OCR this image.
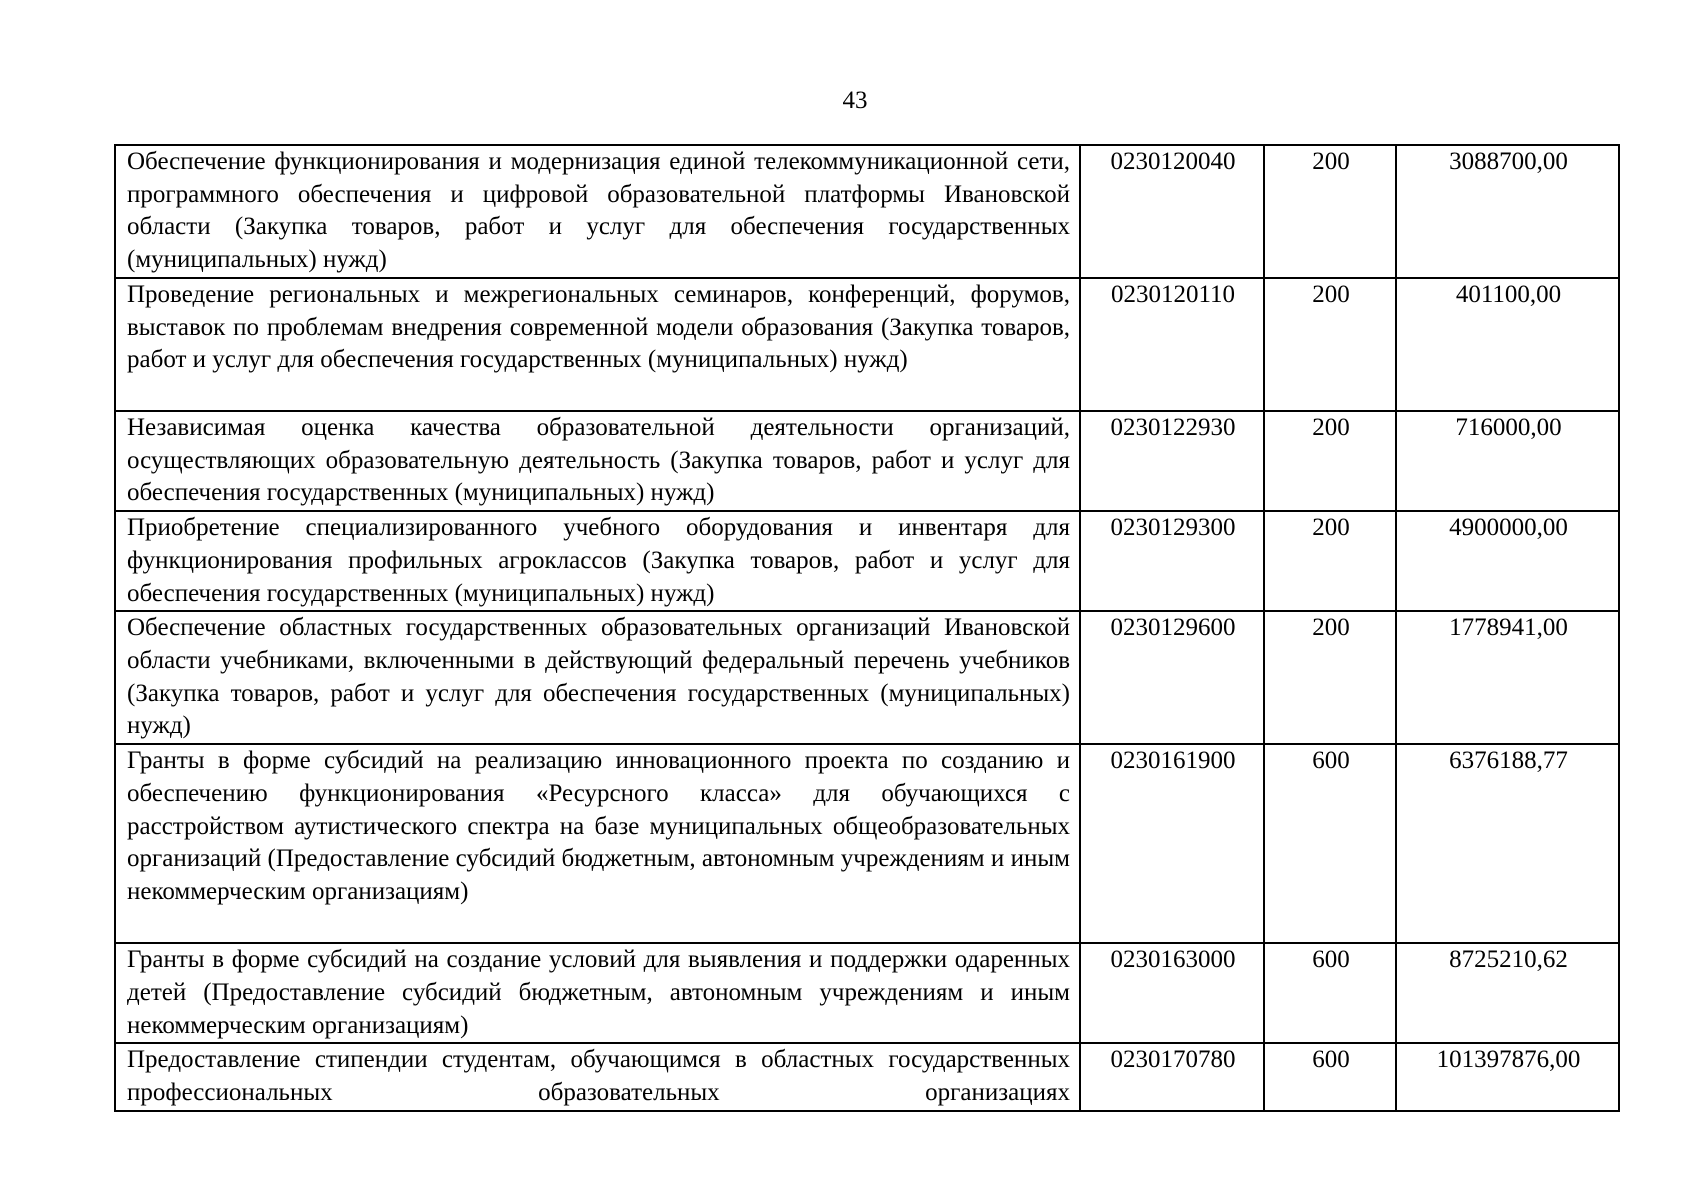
43
Обеспечение функционирования и модернизация единой телекоммуникационной сети, программного обеспечения и цифровой образовательной платформы Ивановской области (Закупка товаров, работ и услуг для обеспечения государственных (муниципальных) нужд)	0230120040	200	3088700,00
Проведение региональных и межрегиональных семинаров, конференций, форумов, выставок по проблемам внедрения современной модели образования (Закупка товаров, работ и услуг для обеспечения государственных (муниципальных) нужд)	0230120110	200	401100,00
Независимая оценка качества образовательной деятельности организаций, осуществляющих образовательную деятельность (Закупка товаров, работ и услуг для обеспечения государственных (муниципальных) нужд)	0230122930	200	716000,00
Приобретение специализированного учебного оборудования и инвентаря для функционирования профильных агроклассов (Закупка товаров, работ и услуг для обеспечения государственных (муниципальных) нужд)	0230129300	200	4900000,00
Обеспечение областных государственных образовательных организаций Ивановской области учебниками, включенными в действующий федеральный перечень учебников (Закупка товаров, работ и услуг для обеспечения государственных (муниципальных) нужд)	0230129600	200	1778941,00
Гранты в форме субсидий на реализацию инновационного проекта по созданию и обеспечению функционирования «Ресурсного класса» для обучающихся с расстройством аутистического спектра на базе муниципальных общеобразовательных организаций (Предоставление субсидий бюджетным, автономным учреждениям и иным некоммерческим организациям)	0230161900	600	6376188,77
Гранты в форме субсидий на создание условий для выявления и поддержки одаренных детей (Предоставление субсидий бюджетным, автономным учреждениям и иным некоммерческим организациям)	0230163000	600	8725210,62
Предоставление стипендии студентам, обучающимся в областных государственных профессиональных образовательных организациях	0230170780	600	101397876,00
